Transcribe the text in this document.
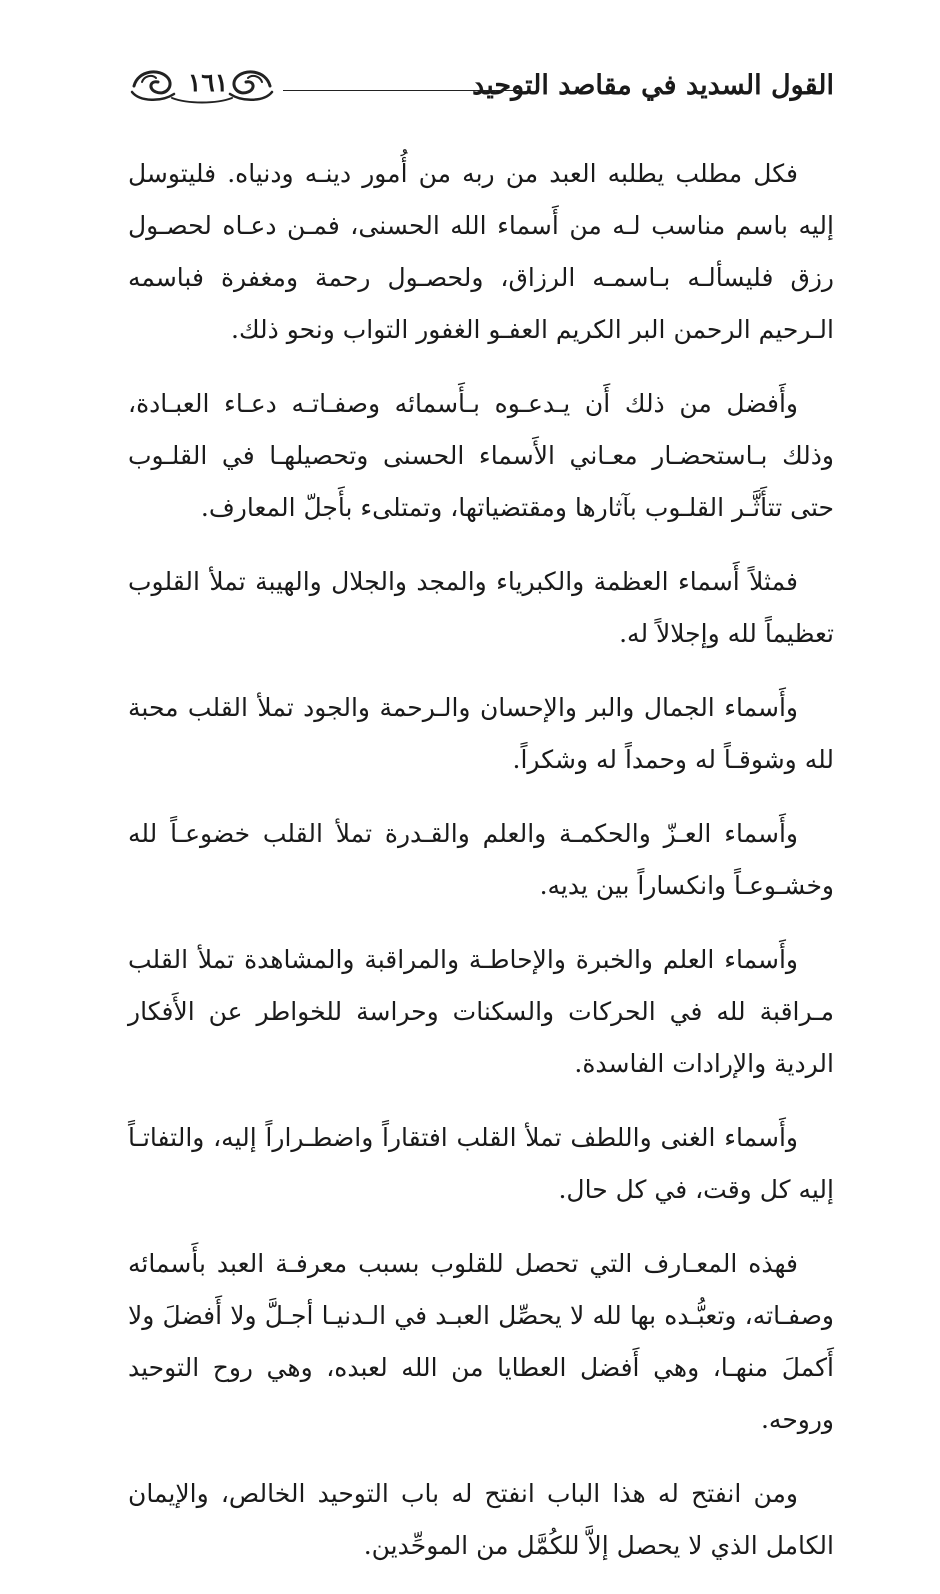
القول السديد في مقاصد التوحيد
١٦١

فكل مطلب يطلبه العبد من ربه من أُمور دينـه ودنياه. فليتوسل إليه باسم مناسب لـه من أَسماء الله الحسنى، فمـن دعـاه لحصـول رزق فليسألـه بـاسمـه الرزاق، ولحصـول رحمة ومغفرة فباسمه الـرحيم الرحمن البر الكريم العفـو الغفور التواب ونحو ذلك.

وأَفضل من ذلك أَن يـدعـوه بـأَسمائه وصفـاتـه دعـاء العبـادة، وذلك بـاستحضـار معـاني الأَسماء الحسنى وتحصيلهـا في القلـوب حتى تتأَثَّـر القلـوب بآثارها ومقتضياتها، وتمتلىء بأَجلّ المعارف.

فمثلاً أَسماء العظمة والكبرياء والمجد والجلال والهيبة تملأ القلوب تعظيماً لله وإجلالاً له.

وأَسماء الجمال والبر والإحسان والـرحمة والجود تملأ القلب محبة لله وشوقـاً له وحمداً له وشكراً.

وأَسماء العـزّ والحكمـة والعلم والقـدرة تملأ القلب خضوعـاً لله وخشـوعـاً وانكساراً بين يديه.

وأَسماء العلم والخبرة والإحاطـة والمراقبة والمشاهدة تملأ القلب مـراقبة لله في الحركات والسكنات وحراسة للخواطر عن الأَفكار الردية والإرادات الفاسدة.

وأَسماء الغنى واللطف تملأ القلب افتقاراً واضطـراراً إليه، والتفاتـاً إليه كل وقت، في كل حال.

فهذه المعـارف التي تحصل للقلوب بسبب معرفـة العبد بأَسمائه وصفـاته، وتعبُّـده بها لله لا يحصِّل العبـد في الـدنيـا أجـلَّ ولا أَفضلَ ولا أَكملَ منهـا، وهي أَفضل العطايا من الله لعبده، وهي روح التوحيد وروحه.

ومن انفتح له هذا الباب انفتح له باب التوحيد الخالص، والإيمان الكامل الذي لا يحصل إلاَّ للكُمَّل من الموحِّدين.
